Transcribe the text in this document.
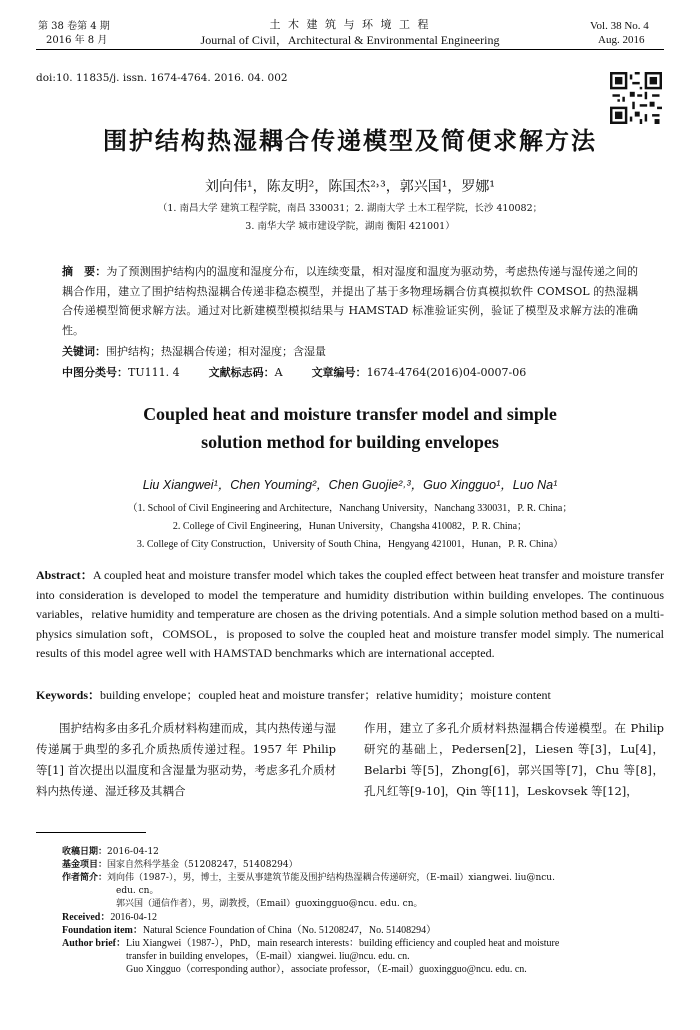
第 38 卷第 4 期
2016 年 8 月
土 木 建 筑 与 环 境 工 程
Journal of Civil，Architectural & Environmental Engineering
Vol. 38 No. 4
Aug. 2016
doi:10. 11835/j. issn. 1674-4764. 2016. 04. 002
围护结构热湿耦合传递模型及简便求解方法
刘向伟¹，陈友明²，陈国杰²˒³，郭兴国¹，罗娜¹
（1. 南昌大学 建筑工程学院，南昌 330031；2. 湖南大学 土木工程学院，长沙 410082；
3. 南华大学 城市建设学院，湖南 衡阳 421001）
摘　要：为了预测围护结构内的温度和湿度分布，以连续变量，相对湿度和温度为驱动势，考虑热传递与湿传递之间的耦合作用，建立了围护结构热湿耦合传递非稳态模型，并提出了基于多物理场耦合仿真模拟软件 COMSOL 的热湿耦合传递模型简便求解方法。通过对比新建模型模拟结果与 HAMSTAD 标准验证实例，验证了模型及求解方法的准确性。
关键词：围护结构；热湿耦合传递；相对湿度；含湿量
中图分类号：TU111. 4	文献标志码：A	文章编号：1674-4764(2016)04-0007-06
Coupled heat and moisture transfer model and simple
solution method for building envelopes
Liu Xiangwei¹，Chen Youming²，Chen Guojie²˒³，Guo Xingguo¹，Luo Na¹
（1. School of Civil Engineering and Architecture，Nanchang University，Nanchang 330031，P. R. China；
2. College of Civil Engineering，Hunan University，Changsha 410082，P. R. China；
3. College of City Construction，University of South China，Hengyang 421001，Hunan，P. R. China）
Abstract：A coupled heat and moisture transfer model which takes the coupled effect between heat transfer and moisture transfer into consideration is developed to model the temperature and humidity distribution within building envelopes. The continuous variables，relative humidity and temperature are chosen as the driving potentials. And a simple solution method based on a multi-physics simulation soft，COMSOL，is proposed to solve the coupled heat and moisture transfer model simply. The numerical results of this model agree well with HAMSTAD benchmarks which are international accepted.
Keywords：building envelope；coupled heat and moisture transfer；relative humidity；moisture content
围护结构多由多孔介质材料构建而成，其内热传递与湿传递属于典型的多孔介质热质传递过程。1957 年 Philip 等[1] 首次提出以温度和含湿量为驱动势，考虑多孔介质材料内热传递、湿迁移及其耦合
作用，建立了多孔介质材料热湿耦合传递模型。在 Philip 研究的基础上，Pedersen[2]，Liesen 等[3]，Lu[4]，Belarbi 等[5]，Zhong[6]，郭兴国等[7]，Chu 等[8]，孔凡红等[9-10]，Qin 等[11]，Leskovsek 等[12]，
收稿日期：2016-04-12
基金项目：国家自然科学基金（51208247，51408294）
作者简介：刘向伟（1987-），男，博士，主要从事建筑节能及围护结构热湿耦合传递研究，（E-mail）xiangwei. liu@ncu.
edu. cn。
郭兴国（通信作者），男，副教授，（Email）guoxingguo@ncu. edu. cn。
Received：2016-04-12
Foundation item：Natural Science Foundation of China（No. 51208247，No. 51408294）
Author brief：Liu Xiangwei（1987-），PhD，main research interests：building efficiency and coupled heat and moisture
transfer in building envelopes，（E-mail）xiangwei. liu@ncu. edu. cn.
Guo Xingguo（corresponding author），associate professor，（E-mail）guoxingguo@ncu. edu. cn.
